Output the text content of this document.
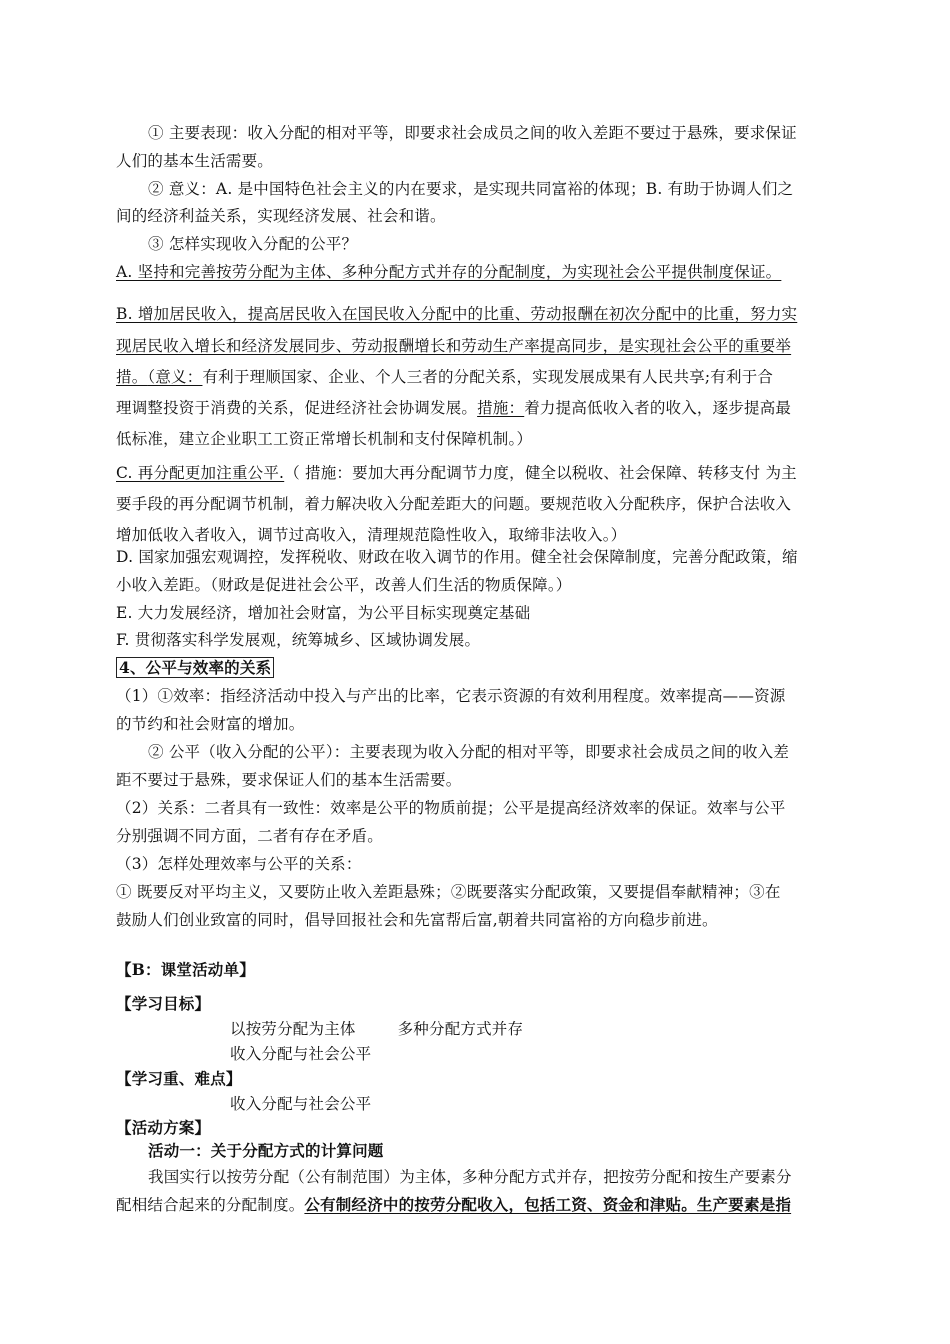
① 主要表现：收入分配的相对平等，即要求社会成员之间的收入差距不要过于悬殊，要求保证
人们的基本生活需要。
② 意义：A. 是中国特色社会主义的内在要求，是实现共同富裕的体现；B. 有助于协调人们之
间的经济利益关系，实现经济发展、社会和谐。
③ 怎样实现收入分配的公平？
A. 坚持和完善按劳分配为主体、多种分配方式并存的分配制度，为实现社会公平提供制度保证。
B. 增加居民收入，提高居民收入在国民收入分配中的比重、劳动报酬在初次分配中的比重，努力实
现居民收入增长和经济发展同步、劳动报酬增长和劳动生产率提高同步，是实现社会公平的重要举
措。（意义：有利于理顺国家、企业、个人三者的分配关系，实现发展成果有人民共享;有利于合
理调整投资于消费的关系，促进经济社会协调发展。措施：着力提高低收入者的收入，逐步提高最
低标准，建立企业职工工资正常增长机制和支付保障机制。）
C. 再分配更加注重公平.（ 措施：要加大再分配调节力度，健全以税收、社会保障、转移支付 为主
要手段的再分配调节机制，着力解决收入分配差距大的问题。要规范收入分配秩序，保护合法收入
增加低收入者收入，调节过高收入，清理规范隐性收入，取缔非法收入。）
D. 国家加强宏观调控，发挥税收、财政在收入调节的作用。健全社会保障制度，完善分配政策，缩
小收入差距。（财政是促进社会公平，改善人们生活的物质保障。）
E. 大力发展经济，增加社会财富，为公平目标实现奠定基础
F. 贯彻落实科学发展观，统筹城乡、区域协调发展。
4、公平与效率的关系
（1）①效率：指经济活动中投入与产出的比率，它表示资源的有效利用程度。效率提高——资源
的节约和社会财富的增加。
② 公平（收入分配的公平）：主要表现为收入分配的相对平等，即要求社会成员之间的收入差
距不要过于悬殊，要求保证人们的基本生活需要。
（2）关系：二者具有一致性：效率是公平的物质前提；公平是提高经济效率的保证。效率与公平
分别强调不同方面，二者有存在矛盾。
（3）怎样处理效率与公平的关系：
① 既要反对平均主义，又要防止收入差距悬殊；②既要落实分配政策，又要提倡奉献精神；③在
鼓励人们创业致富的同时，倡导回报社会和先富帮后富,朝着共同富裕的方向稳步前进。
【B：课堂活动单】
【学习目标】
以按劳分配为主体	多种分配方式并存
收入分配与社会公平
【学习重、难点】
收入分配与社会公平
【活动方案】
活动一：关于分配方式的计算问题
我国实行以按劳分配（公有制范围）为主体，多种分配方式并存，把按劳分配和按生产要素分
配相结合起来的分配制度。公有制经济中的按劳分配收入，包括工资、资金和津贴。生产要素是指
